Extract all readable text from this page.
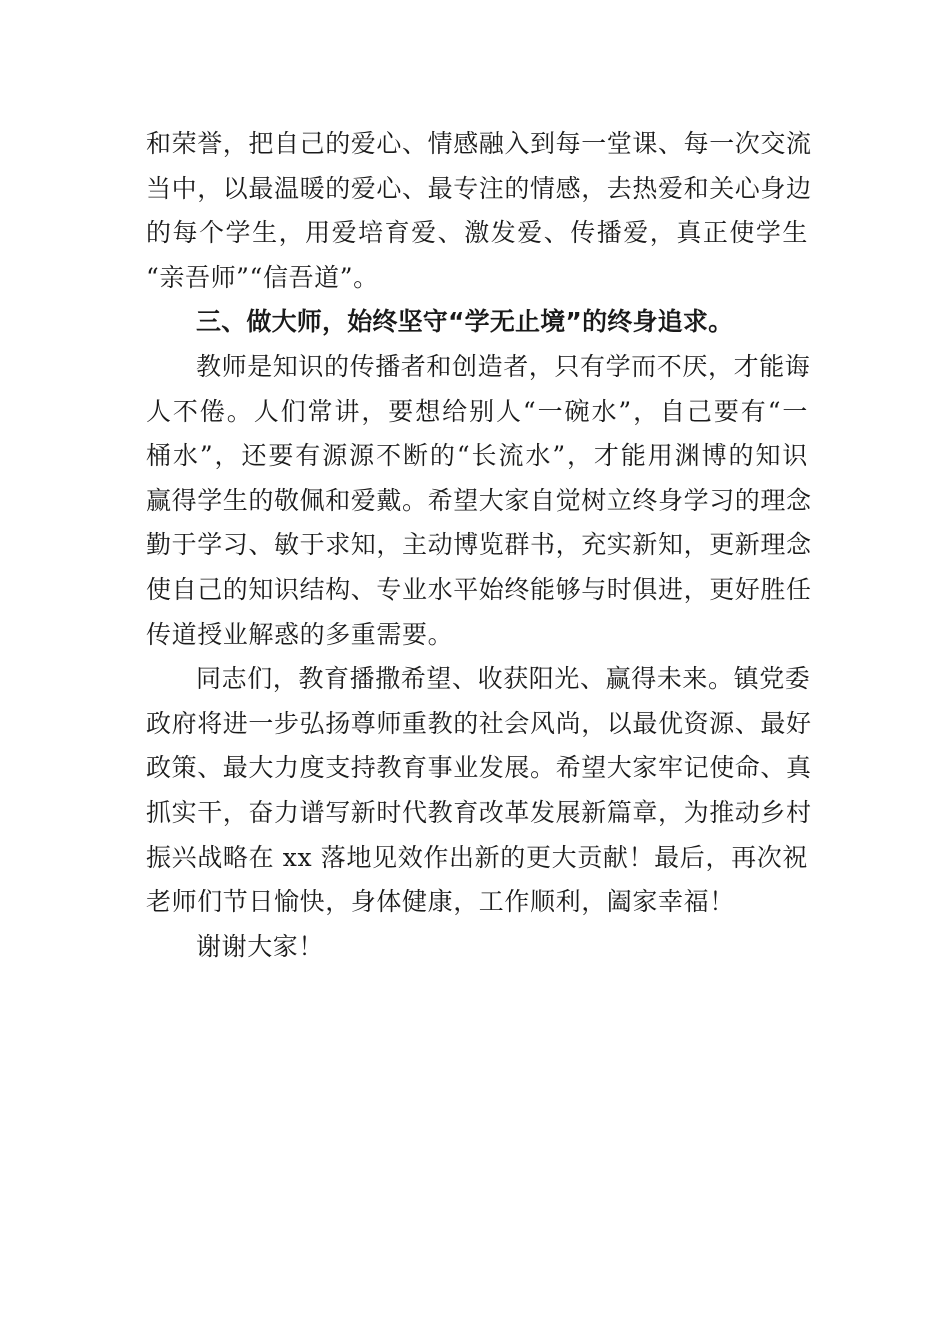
和荣誉，把自己的爱心、情感融入到每一堂课、每一次交流
当中，以最温暖的爱心、最专注的情感，去热爱和关心身边
的每个学生，用爱培育爱、激发爱、传播爱，真正使学生
“亲吾师”“信吾道”。
三、做大师，始终坚守“学无止境”的终身追求。
教师是知识的传播者和创造者，只有学而不厌，才能诲
人不倦。人们常讲，要想给别人“一碗水”，自己要有“一
桶水”，还要有源源不断的“长流水”，才能用渊博的知识
赢得学生的敬佩和爱戴。希望大家自觉树立终身学习的理念
勤于学习、敏于求知，主动博览群书，充实新知，更新理念
使自己的知识结构、专业水平始终能够与时俱进，更好胜任
传道授业解惑的多重需要。
同志们，教育播撒希望、收获阳光、赢得未来。镇党委
政府将进一步弘扬尊师重教的社会风尚，以最优资源、最好
政策、最大力度支持教育事业发展。希望大家牢记使命、真
抓实干，奋力谱写新时代教育改革发展新篇章，为推动乡村
振兴战略在 xx 落地见效作出新的更大贡献！最后，再次祝
老师们节日愉快，身体健康，工作顺利，阖家幸福！
谢谢大家！
